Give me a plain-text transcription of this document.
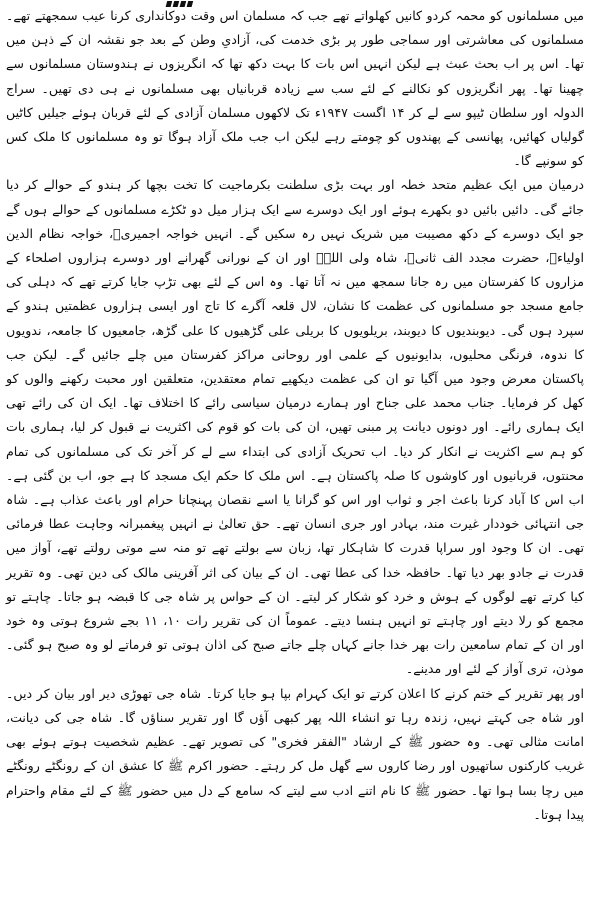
میں مسلمانوں کو محمہ کردو کانیں کھلواتے تھے جب کہ مسلمان اس وقت دوکانداری کرنا عیب سمجھتے تھے۔ مسلمانوں کی معاشرتی اور سماجی طور پر بڑی خدمت کی، آزادیِ وطن کے بعد جو نقشہ ان کے ذہن میں تھا۔ اس پر اب بحث عبث ہے لیکن انہیں اس بات کا بہت دکھ تھا کہ انگریزوں نے ہندوستان مسلمانوں سے چھینا تھا۔ پھر انگریزوں کو نکالنے کے لئے سب سے زیادہ قربانیاں بھی مسلمانوں نے ہی دی تھیں۔ سراج الدولہ اور سلطان ٹیپو سے لے کر ۱۴ اگست ۱۹۴۷ء تک لاکھوں مسلمان آزادی کے لئے قربان ہوئے جیلیں کاٹیں گولیاں کھائیں، پھانسی کے پھندوں کو چومتے رہے لیکن اب جب ملک آزاد ہوگا تو وہ مسلمانوں کا ملک کس کو سونپے گا۔

درمیان میں ایک عظیم متحد خطہ اور بہت بڑی سلطنت بکرماجیت کا تخت بچھا کر ہندو کے حوالے کر دیا جائے گی۔ دائیں بائیں دو بکھرے ہوئے اور ایک دوسرے سے ایک ہزار میل دو ٹکڑے مسلمانوں کے حوالے ہوں گے جو ایک دوسرے کے دکھ مصیبت میں شریک نہیں رہ سکیں گے۔ انہیں خواجہ اجمیریؒ، خواجہ نظام الدین اولیاءؒ، حضرت مجدد الف ثانیؒ، شاہ ولی اللہؒ اور ان کے نورانی گھرانے اور دوسرے ہزاروں اصلحاء کے مزاروں کا کفرستان میں رہ جانا سمجھ میں نہ آتا تھا۔ وہ اس کے لئے بھی تڑپ جایا کرتے تھے کہ دہلی کی جامع مسجد جو مسلمانوں کی عظمت کا نشان، لال قلعہ آگرے کا تاج اور ایسی ہزاروں عظمتیں ہندو کے سپرد ہوں گی۔ دیوبندیوں کا دیوبند، بریلویوں کا بریلی علی گڑھیوں کا علی گڑھ، جامعیوں کا جامعہ، ندویوں کا ندوہ، فرنگی محلیوں، بدایونیوں کے علمی اور روحانی مراکز کفرستان میں چلے جائیں گے۔ لیکن جب پاکستان معرض وجود میں آگیا تو ان کی عظمت دیکھیے تمام معتقدین، متعلقین اور محبت رکھنے والوں کو کھل کر فرمایا۔ جناب محمد علی جناح اور ہمارے درمیان سیاسی رائے کا اختلاف تھا۔ ایک ان کی رائے تھی ایک ہماری رائے۔ اور دونوں دیانت پر مبنی تھیں، ان کی بات کو قوم کی اکثریت نے قبول کر لیا، ہماری بات کو ہم سے اکثریت نے انکار کر دیا۔ اب تحریک آزادی کی ابتداء سے لے کر آخر تک کی مسلمانوں کی تمام محنتوں، قربانیوں اور کاوشوں کا صلہ پاکستان ہے۔ اس ملک کا حکم ایک مسجد کا ہے جو، اب بن گئی ہے۔ اب اس کا آباد کرنا باعث اجر و ثواب اور اس کو گرانا یا اسے نقصان پہنچانا حرام اور باعث عذاب ہے۔ شاہ جی انتہائی خوددار غیرت مند، بہادر اور جری انسان تھے۔ حق تعالیٰ نے انہیں پیغمبرانہ وجاہت عطا فرمائی تھی۔ ان کا وجود اور سراپا قدرت کا شاہکار تھا، زبان سے بولتے تھے تو منہ سے موتی رولتے تھے، آواز میں قدرت نے جادو بھر دیا تھا۔ حافظہ خدا کی عطا تھی۔ ان کے بیان کی اثر آفرینی مالک کی دین تھی۔ وہ تقریر کیا کرتے تھے لوگوں کے ہوش و خرد کو شکار کر لیتے۔ ان کے حواس پر شاہ جی کا قبضہ ہو جاتا۔ چاہتے تو مجمع کو رلا دیتے اور چاہتے تو انہیں ہنسا دیتے۔ عموماً ان کی تقریر رات ۱۰، ۱۱ بجے شروع ہوتی وہ خود اور ان کے تمام سامعین رات بھر خدا جانے کہاں چلے جاتے صبح کی اذان ہوتی تو فرماتے لو وہ صبح ہو گئی۔ موذن، تری آواز کے لئے اور مدینے۔

اور پھر تقریر کے ختم کرنے کا اعلان کرتے تو ایک کہرام بپا ہو جایا کرتا۔ شاہ جی تھوڑی دیر اور بیان کر دیں۔ اور شاہ جی کہتے نہیں، زندہ رہا تو انشاء اللہ پھر کبھی آؤں گا اور تقریر سناؤں گا۔ شاہ جی کی دیانت، امانت مثالی تھی۔ وہ حضور ﷺ کے ارشاد "الفقر فخری" کی تصویر تھے۔ عظیم شخصیت ہوتے ہوئے بھی غریب کارکنوں ساتھیوں اور رضا کاروں سے گھل مل کر رہتے۔ حضور اکرم ﷺ کا عشق ان کے رونگٹے رونگٹے میں رچا بسا ہوا تھا۔ حضور ﷺ کا نام اتنے ادب سے لیتے کہ سامع کے دل میں حضور ﷺ کے لئے مقام واحترام پیدا ہوتا۔
